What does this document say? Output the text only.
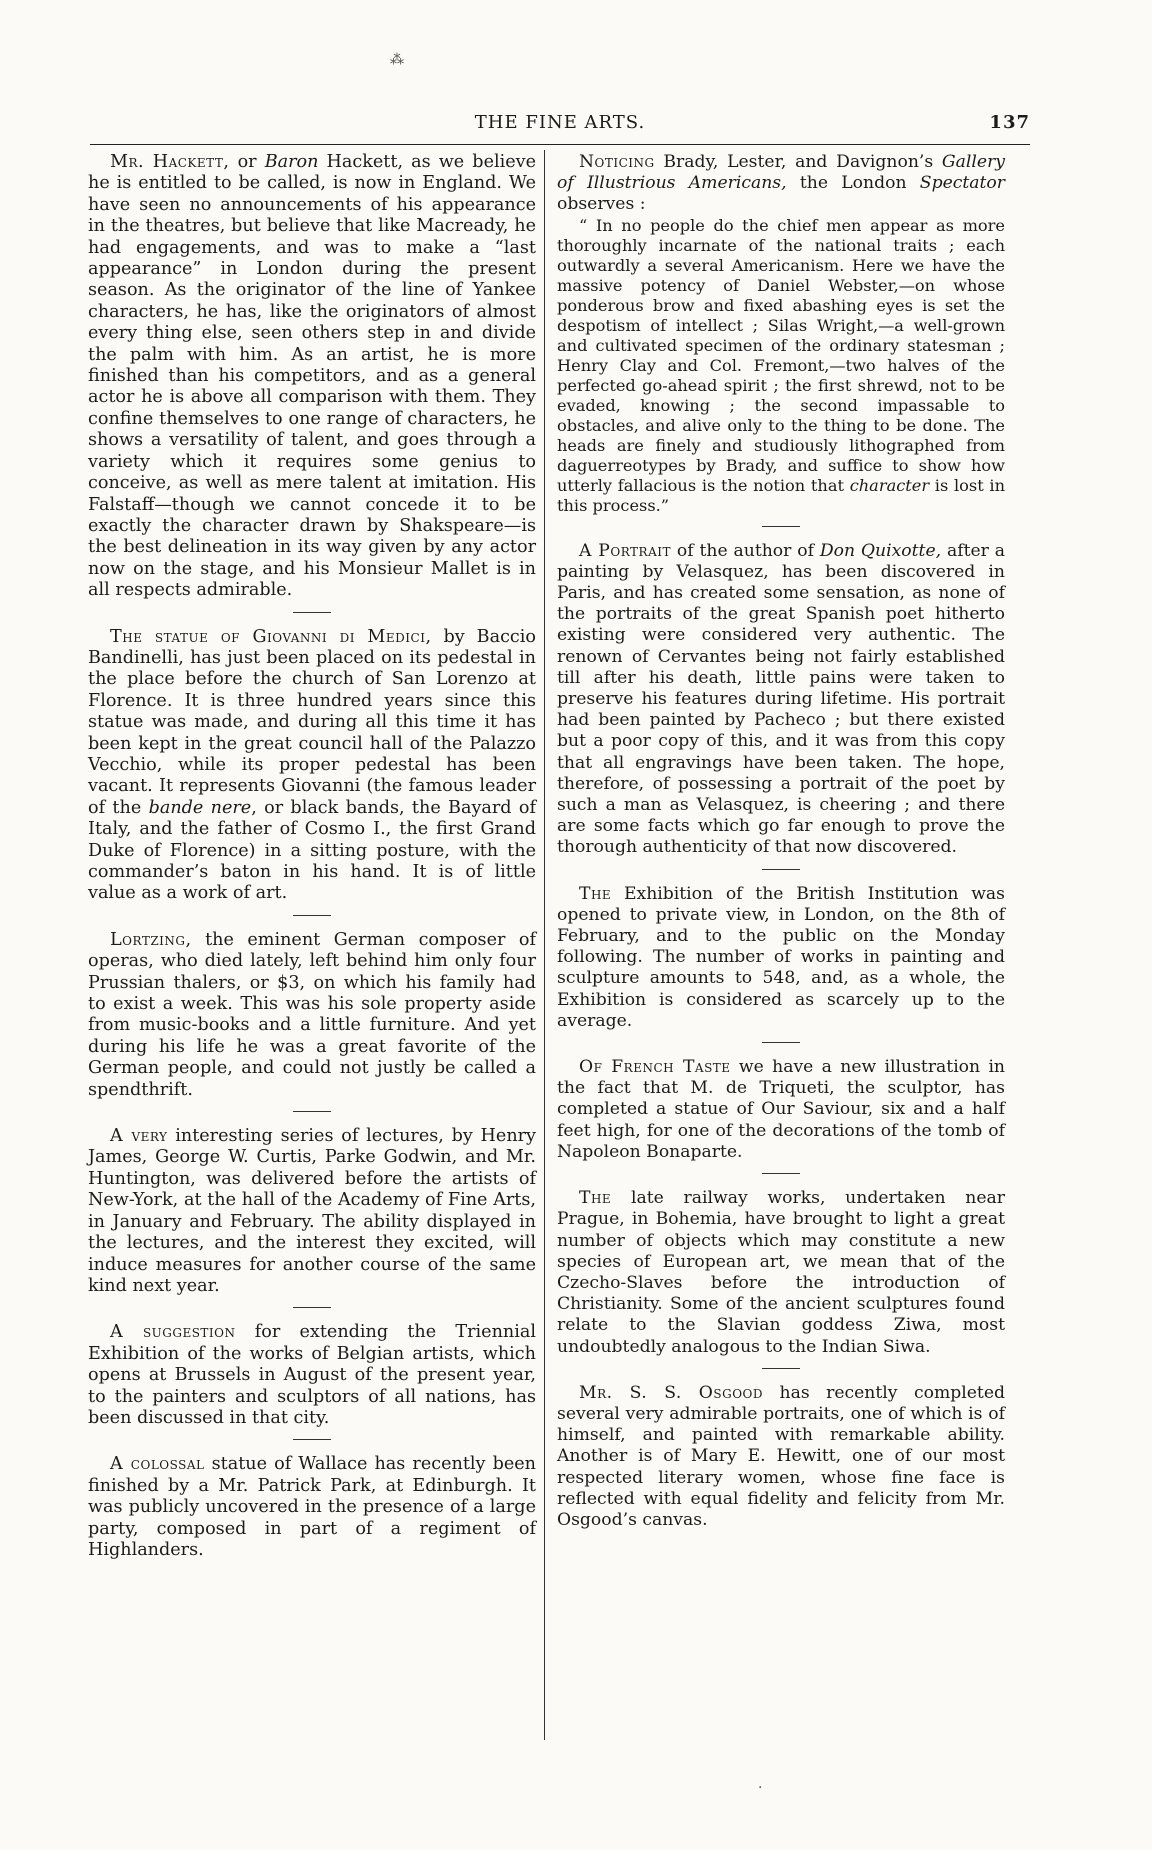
⁂
THE FINE ARTS.	137

Mr. Hackett, or Baron Hackett, as we believe he is entitled to be called, is now in England. We have seen no announcements of his appearance in the theatres, but believe that like Macready, he had engagements, and was to make a “last appearance” in London during the present season. As the originator of the line of Yankee characters, he has, like the originators of almost every thing else, seen others step in and divide the palm with him. As an artist, he is more finished than his competitors, and as a general actor he is above all comparison with them. They confine themselves to one range of characters, he shows a versatility of talent, and goes through a variety which it requires some genius to conceive, as well as mere talent at imitation. His Falstaff—though we cannot concede it to be exactly the character drawn by Shakspeare—is the best delineation in its way given by any actor now on the stage, and his Monsieur Mallet is in all respects admirable.

The statue of Giovanni di Medici, by Baccio Bandinelli, has just been placed on its pedestal in the place before the church of San Lorenzo at Florence. It is three hundred years since this statue was made, and during all this time it has been kept in the great council hall of the Palazzo Vecchio, while its proper pedestal has been vacant. It represents Giovanni (the famous leader of the bande nere, or black bands, the Bayard of Italy, and the father of Cosmo I., the first Grand Duke of Florence) in a sitting posture, with the commander’s baton in his hand. It is of little value as a work of art.

Lortzing, the eminent German composer of operas, who died lately, left behind him only four Prussian thalers, or $3, on which his family had to exist a week. This was his sole property aside from music-books and a little furniture. And yet during his life he was a great favorite of the German people, and could not justly be called a spendthrift.

A very interesting series of lectures, by Henry James, George W. Curtis, Parke Godwin, and Mr. Huntington, was delivered before the artists of New-York, at the hall of the Academy of Fine Arts, in January and February. The ability displayed in the lectures, and the interest they excited, will induce measures for another course of the same kind next year.

A suggestion for extending the Triennial Exhibition of the works of Belgian artists, which opens at Brussels in August of the present year, to the painters and sculptors of all nations, has been discussed in that city.

A colossal statue of Wallace has recently been finished by a Mr. Patrick Park, at Edinburgh. It was publicly uncovered in the presence of a large party, composed in part of a regiment of Highlanders.

Noticing Brady, Lester, and Davignon’s Gallery of Illustrious Americans, the London Spectator observes :

“ In no people do the chief men appear as more thoroughly incarnate of the national traits ; each outwardly a several Americanism. Here we have the massive potency of Daniel Webster,—on whose ponderous brow and fixed abashing eyes is set the despotism of intellect ; Silas Wright,—a well-grown and cultivated specimen of the ordinary statesman ; Henry Clay and Col. Fremont,—two halves of the perfected go-ahead spirit ; the first shrewd, not to be evaded, knowing ; the second impassable to obstacles, and alive only to the thing to be done. The heads are finely and studiously lithographed from daguerreotypes by Brady, and suffice to show how utterly fallacious is the notion that character is lost in this process.”

A Portrait of the author of Don Quixotte, after a painting by Velasquez, has been discovered in Paris, and has created some sensation, as none of the portraits of the great Spanish poet hitherto existing were considered very authentic. The renown of Cervantes being not fairly established till after his death, little pains were taken to preserve his features during lifetime. His portrait had been painted by Pacheco ; but there existed but a poor copy of this, and it was from this copy that all engravings have been taken. The hope, therefore, of possessing a portrait of the poet by such a man as Velasquez, is cheering ; and there are some facts which go far enough to prove the thorough authenticity of that now discovered.

The Exhibition of the British Institution was opened to private view, in London, on the 8th of February, and to the public on the Monday following. The number of works in painting and sculpture amounts to 548, and, as a whole, the Exhibition is considered as scarcely up to the average.

Of French Taste we have a new illustration in the fact that M. de Triqueti, the sculptor, has completed a statue of Our Saviour, six and a half feet high, for one of the decorations of the tomb of Napoleon Bonaparte.

The late railway works, undertaken near Prague, in Bohemia, have brought to light a great number of objects which may constitute a new species of European art, we mean that of the Czecho-Slaves before the introduction of Christianity. Some of the ancient sculptures found relate to the Slavian goddess Ziwa, most undoubtedly analogous to the Indian Siwa.

Mr. S. S. Osgood has recently completed several very admirable portraits, one of which is of himself, and painted with remarkable ability. Another is of Mary E. Hewitt, one of our most respected literary women, whose fine face is reflected with equal fidelity and felicity from Mr. Osgood’s canvas.

·
